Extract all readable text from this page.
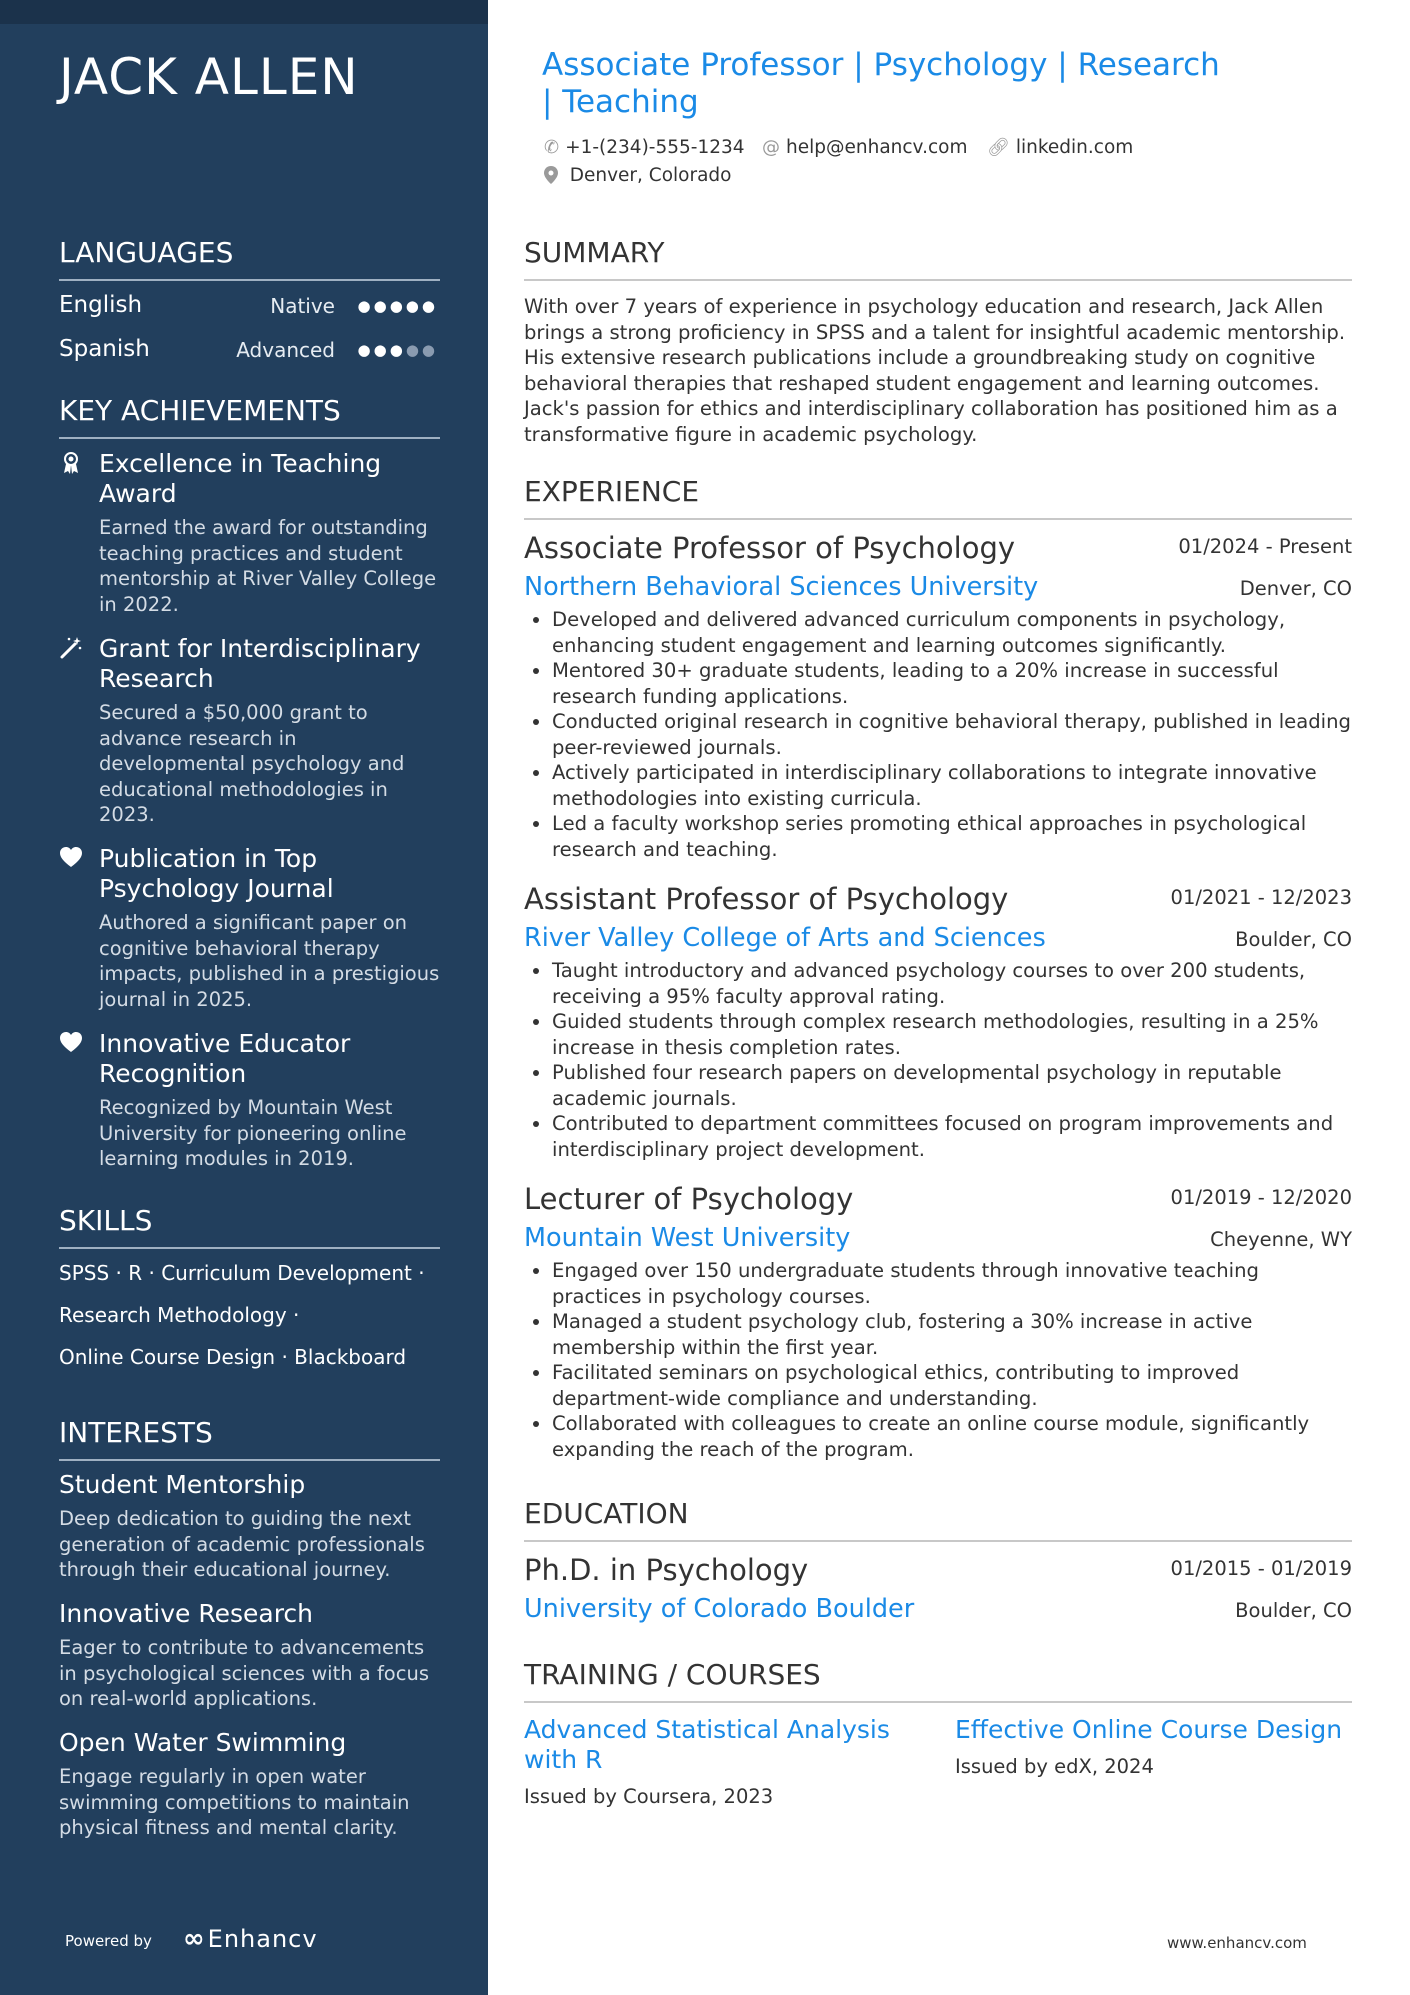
JACK ALLEN
LANGUAGES
English	Native ●●●●●
Spanish	Advanced ●●●●●
KEY ACHIEVEMENTS
Excellence in Teaching Award
Earned the award for outstanding teaching practices and student mentorship at River Valley College in 2022.
Grant for Interdisciplinary Research
Secured a $50,000 grant to advance research in developmental psychology and educational methodologies in 2023.
Publication in Top Psychology Journal
Authored a significant paper on cognitive behavioral therapy impacts, published in a prestigious journal in 2025.
Innovative Educator Recognition
Recognized by Mountain West University for pioneering online learning modules in 2019.
SKILLS
SPSS · R · Curriculum Development ·
Research Methodology ·
Online Course Design · Blackboard
INTERESTS
Student Mentorship
Deep dedication to guiding the next generation of academic professionals through their educational journey.
Innovative Research
Eager to contribute to advancements in psychological sciences with a focus on real-world applications.
Open Water Swimming
Engage regularly in open water swimming competitions to maintain physical fitness and mental clarity.
Powered by ∞ Enhancv
Associate Professor | Psychology | Research | Teaching
✆ +1-(234)-555-1234 @ help@enhancv.com 🔗︎ linkedin.com
Denver, Colorado
SUMMARY
With over 7 years of experience in psychology education and research, Jack Allen brings a strong proficiency in SPSS and a talent for insightful academic mentorship. His extensive research publications include a groundbreaking study on cognitive behavioral therapies that reshaped student engagement and learning outcomes. Jack's passion for ethics and interdisciplinary collaboration has positioned him as a transformative figure in academic psychology.
EXPERIENCE
Associate Professor of Psychology	01/2024 - Present
Northern Behavioral Sciences University	Denver, CO
• Developed and delivered advanced curriculum components in psychology, enhancing student engagement and learning outcomes significantly.
• Mentored 30+ graduate students, leading to a 20% increase in successful research funding applications.
• Conducted original research in cognitive behavioral therapy, published in leading peer-reviewed journals.
• Actively participated in interdisciplinary collaborations to integrate innovative methodologies into existing curricula.
• Led a faculty workshop series promoting ethical approaches in psychological research and teaching.
Assistant Professor of Psychology	01/2021 - 12/2023
River Valley College of Arts and Sciences	Boulder, CO
• Taught introductory and advanced psychology courses to over 200 students, receiving a 95% faculty approval rating.
• Guided students through complex research methodologies, resulting in a 25% increase in thesis completion rates.
• Published four research papers on developmental psychology in reputable academic journals.
• Contributed to department committees focused on program improvements and interdisciplinary project development.
Lecturer of Psychology	01/2019 - 12/2020
Mountain West University	Cheyenne, WY
• Engaged over 150 undergraduate students through innovative teaching practices in psychology courses.
• Managed a student psychology club, fostering a 30% increase in active membership within the first year.
• Facilitated seminars on psychological ethics, contributing to improved department-wide compliance and understanding.
• Collaborated with colleagues to create an online course module, significantly expanding the reach of the program.
EDUCATION
Ph.D. in Psychology	01/2015 - 01/2019
University of Colorado Boulder	Boulder, CO
TRAINING / COURSES
Advanced Statistical Analysis with R
Issued by Coursera, 2023
Effective Online Course Design
Issued by edX, 2024
www.enhancv.com
